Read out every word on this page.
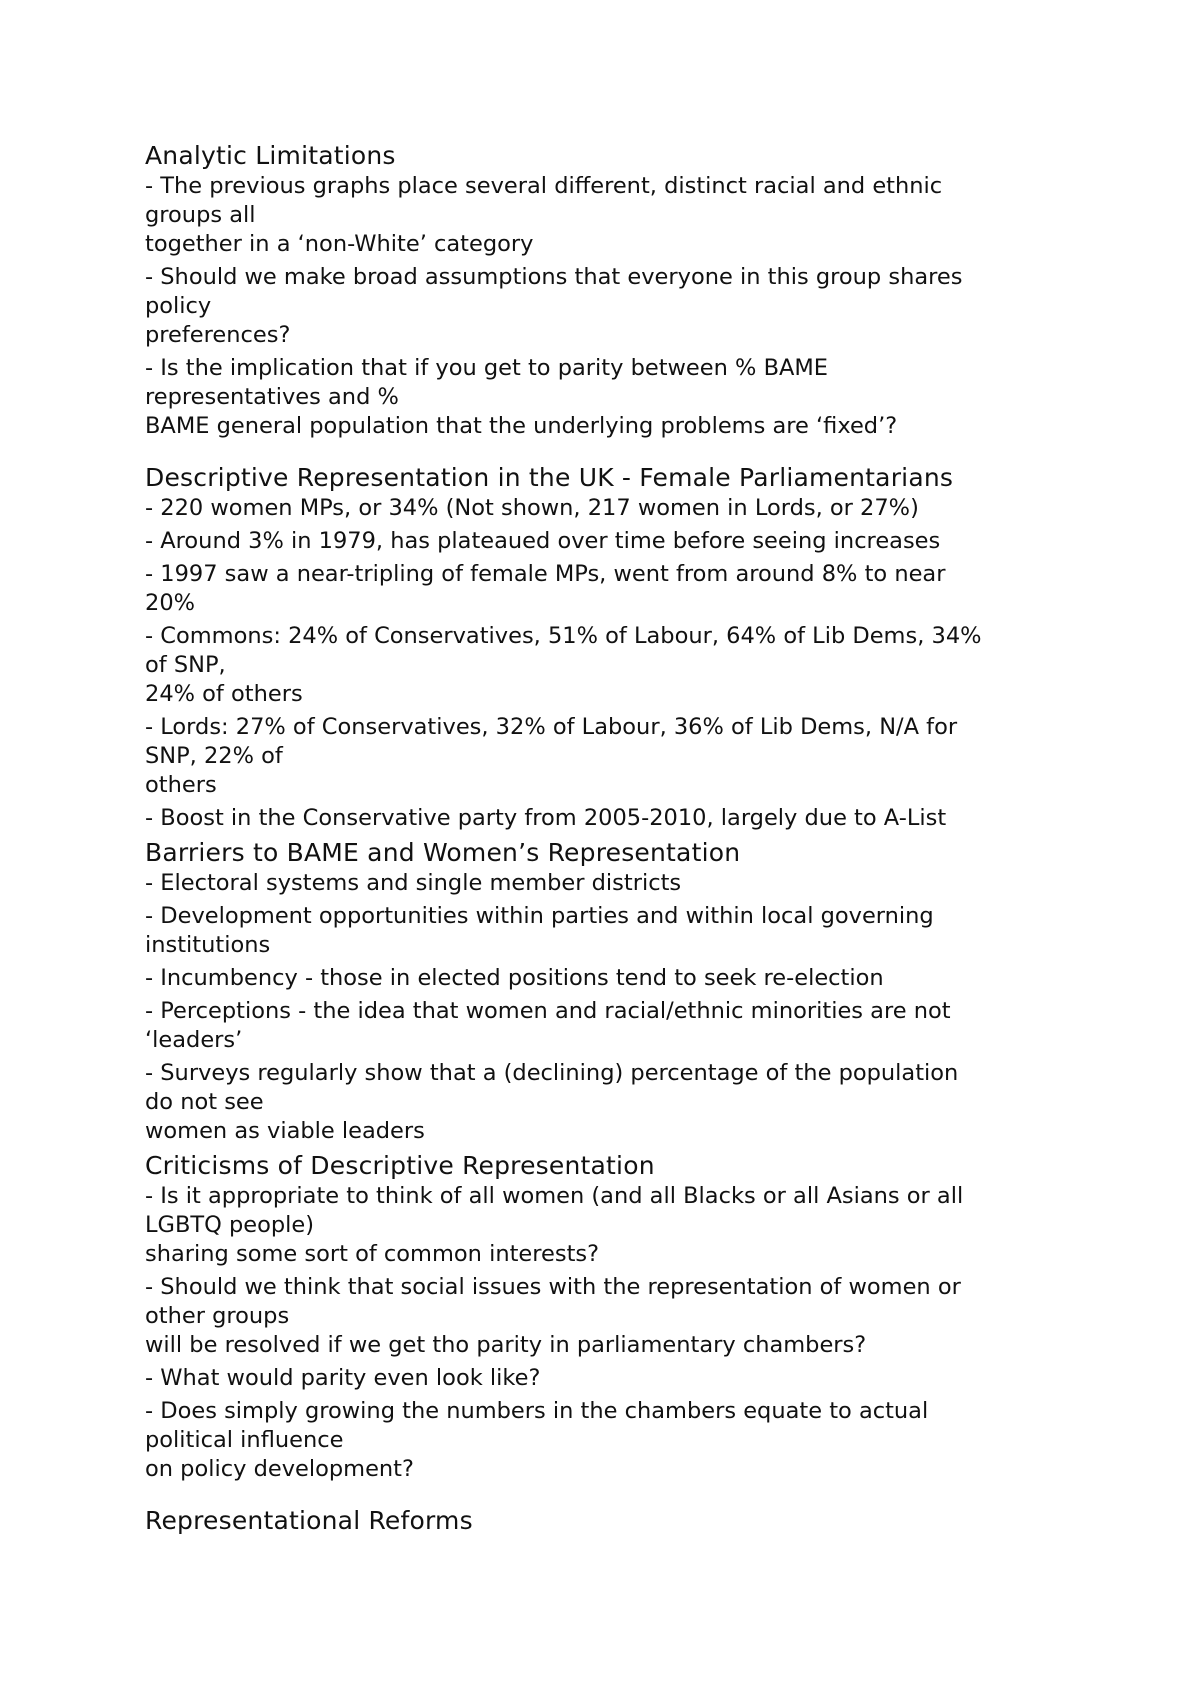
Analytic Limitations

- The previous graphs place several different, distinct racial and ethnic

groups all

together in a ‘non-White’ category

- Should we make broad assumptions that everyone in this group shares

policy

preferences?

- Is the implication that if you get to parity between % BAME

representatives and %

BAME general population that the underlying problems are ‘fixed’?

Descriptive Representation in the UK - Female Parliamentarians

- 220 women MPs, or 34% (Not shown, 217 women in Lords, or 27%)

- Around 3% in 1979, has plateaued over time before seeing increases

- 1997 saw a near-tripling of female MPs, went from around 8% to near

20%

- Commons: 24% of Conservatives, 51% of Labour, 64% of Lib Dems, 34%

of SNP,

24% of others

- Lords: 27% of Conservatives, 32% of Labour, 36% of Lib Dems, N/A for

SNP, 22% of

others

- Boost in the Conservative party from 2005-2010, largely due to A-List

Barriers to BAME and Women’s Representation

- Electoral systems and single member districts

- Development opportunities within parties and within local governing

institutions

- Incumbency - those in elected positions tend to seek re-election

- Perceptions - the idea that women and racial/ethnic minorities are not

‘leaders’

- Surveys regularly show that a (declining) percentage of the population

do not see

women as viable leaders

Criticisms of Descriptive Representation

- Is it appropriate to think of all women (and all Blacks or all Asians or all

LGBTQ people)

sharing some sort of common interests?

- Should we think that social issues with the representation of women or

other groups

will be resolved if we get tho parity in parliamentary chambers?

- What would parity even look like?

- Does simply growing the numbers in the chambers equate to actual

political influence

on policy development?

Representational Reforms
